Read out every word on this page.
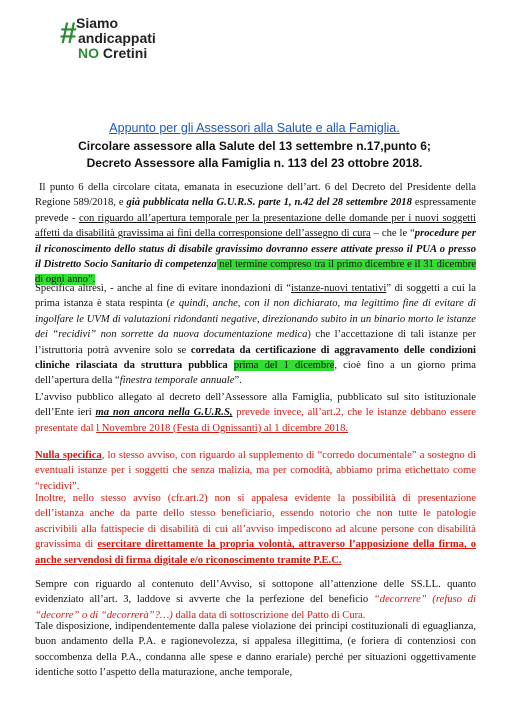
# Siamo
andicappati
NO Cretini
Appunto per gli Assessori alla Salute e alla Famiglia.
Circolare assessore alla Salute del 13 settembre n.17,punto 6;
Decreto Assessore alla Famiglia n. 113 del 23 ottobre 2018.
Il punto 6 della circolare citata, emanata in esecuzione dell’art. 6 del Decreto del Presidente della Regione 589/2018, e già pubblicata nella G.U.R.S. parte 1, n.42 del 28 settembre 2018 espressamente prevede - con riguardo all’apertura temporale per la presentazione delle domande per i nuovi soggetti affetti da disabilità gravissima ai fini della corresponsione dell’assegno di cura – che le “procedure per il riconoscimento dello status di disabile gravissimo dovranno essere attivate presso il PUA o presso il Distretto Socio Sanitario di competenza nel termine compreso tra il primo dicembre e il 31 dicembre di ogni anno”.
Specifica altresì, - anche al fine di evitare inondazioni di “istanze-nuovi tentativi” di soggetti a cui la prima istanza è stata respinta (e quindi, anche, con il non dichiarato, ma legittimo fine di evitare di ingolfare le UVM di valutazioni ridondanti negative, direzionando subito in un binario morto le istanze dei “recidivi” non sorrette da nuova documentazione medica) che l’accettazione di tali istanze per l’istruttoria potrà avvenire solo se corredata da certificazione di aggravamento delle condizioni cliniche rilasciata da struttura pubblica prima del 1 dicembre, cioè fino a un giorno prima dell’apertura della “finestra temporale annuale”.
L’avviso pubblico allegato al decreto dell’Assessore alla Famiglia, pubblicato sul sito istituzionale dell’Ente ieri ma non ancora nella G.U.R.S, prevede invece, all’art.2, che le istanze debbano essere presentate dal l Novembre 2018 (Festa di Ognissanti) al 1 dicembre 2018.
Nulla specifica, lo stesso avviso, con riguardo al supplemento di “corredo documentale” a sostegno di eventuali istanze per i soggetti che senza malizia, ma per comodità, abbiamo prima etichettato come “recidivi”.
Inoltre, nello stesso avviso (cfr.art.2) non si appalesa evidente la possibilità di presentazione dell’istanza anche da parte dello stesso beneficiario, essendo notorio che non tutte le patologie ascrivibili alla fattispecie di disabilità di cui all’avviso impediscono ad alcune persone con disabilità gravissima di esercitare direttamente la propria volontà, attraverso l’apposizione della firma, o anche servendosi di firma digitale e/o riconoscimento tramite P.E.C.
Sempre con riguardo al contenuto dell’Avviso, si sottopone all’attenzione delle SS.LL. quanto evidenziato all’art. 3, laddove si avverte che la perfezione del beneficio “decorrere” (refuso di “decorre” o di “decorrerà”?…) dalla data di sottoscrizione del Patto di Cura.
Tale disposizione, indipendentemente dalla palese violazione dei principi costituzionali di eguaglianza, buon andamento della P.A. e ragionevolezza, si appalesa illegittima, (e foriera di contenziosi con soccombenza della P.A., condanna alle spese e danno erariale) perché per situazioni oggettivamente identiche sotto l’aspetto della maturazione, anche temporale,
